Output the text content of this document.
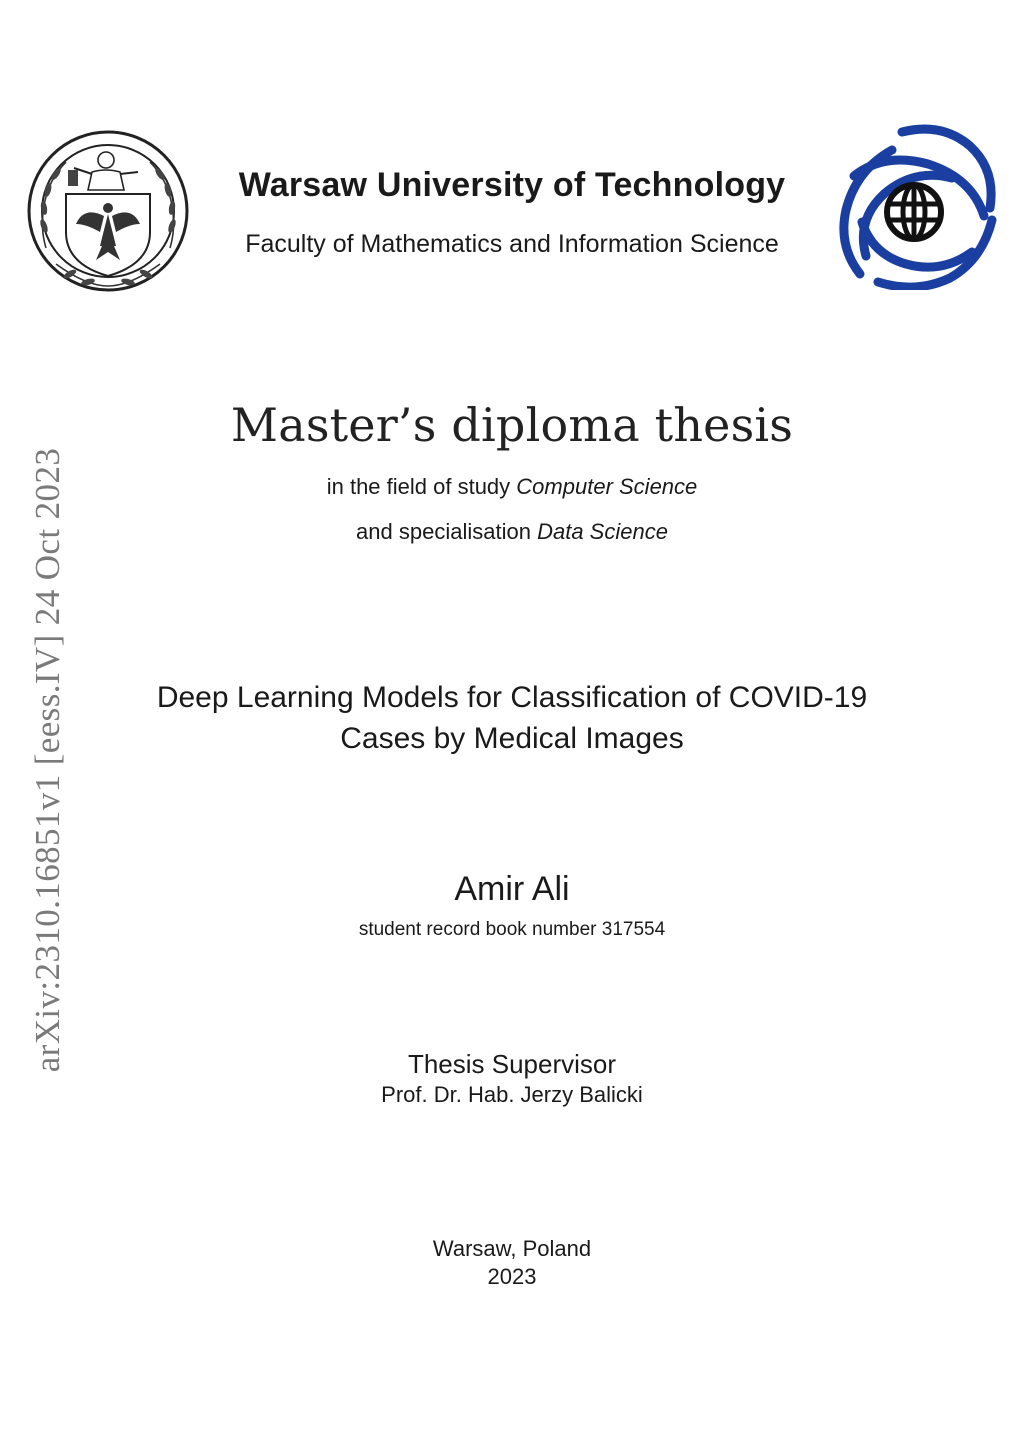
Warsaw University of Technology
Faculty of Mathematics and Information Science
Master’s diploma thesis
in the field of study Computer Science
and specialisation Data Science
Deep Learning Models for Classification of COVID-19
Cases by Medical Images
Amir Ali
student record book number 317554
Thesis Supervisor
Prof. Dr. Hab. Jerzy Balicki
Warsaw, Poland
2023
arXiv:2310.16851v1 [eess.IV] 24 Oct 2023
